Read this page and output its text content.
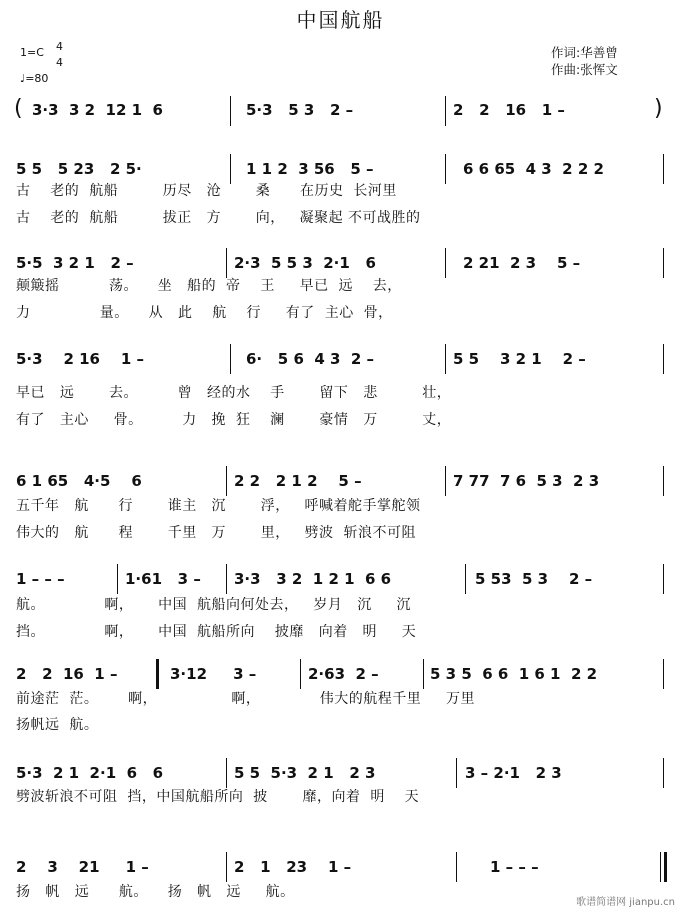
中国航船
1=C 4
4
♩=80
作词:华善曾
作曲:张恽文
( 3·3  3 2  12 1  6	5·3   5 3   2 –	2   2   16   1 –	)
5 5   5 23   2 5·	1 1 2  3 56   5 –	6 6 65  4 3  2 2 2
古    老的  航船         历尽   沧       桑      在历史  长河里
古    老的  航船         拔正   方       向，   凝聚起 不可战胜的
5·5  3 2 1   2 –	2·3  5 5 3  2·1   6	2 21  2 3    5 –
颠簸摇          荡。    坐   船的  帝    王     早已  远    去，
力              量。    从   此    航    行     有了  主心  骨，
5·3    2 16    1 –	6·   5 6  4 3  2 –	5 5    3 2 1    2 –
早已   远       去。        曾   经的水    手       留下   悲         壮，
有了   主心     骨。        力   挽  狂    澜       豪情   万         丈，
6 1 65   4·5    6	2 2   2 1 2    5 –	7 77  7 6  5 3  2 3
五千年   航      行       谁主   沉       浮，   呼喊着舵手掌舵领
伟大的   航      程       千里   万       里，   劈波  斩浪不可阻
1 – – –	1·61   3 – 3·3   3 2  1 2 1  6 6	5 53  5 3    2 –
航。            啊，     中国  航船向何处去，   岁月   沉     沉
挡。            啊，     中国  航船所向    披靡   向着   明     天
2   2  16  1 –	3·12     3 –	2·63  2 –	5 3 5  6 6  1 6 1  2 2
前途茫  茫。      啊，               啊，            伟大的航程千里     万里
扬帆远  航。
5·3  2 1  2·1  6   6	5 5  5·3  2 1   2 3	3 – 2·1   2 3
劈波斩浪不可阻  挡，中国航船所向  披       靡，向着  明    天
2    3    21     1 –	2   1   23    1 –	1 – – –
扬   帆   远      航。    扬   帆   远     航。
歌谱简谱网 jianpu.cn
